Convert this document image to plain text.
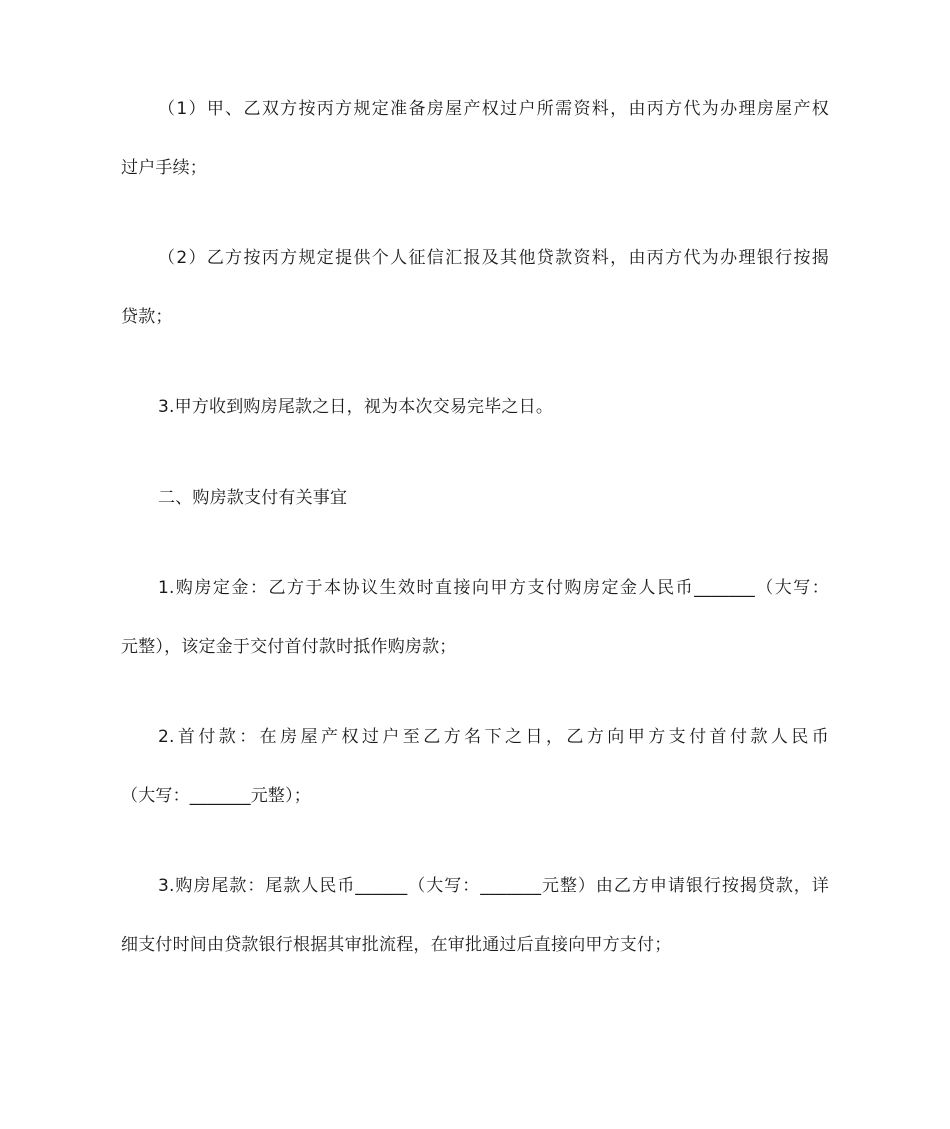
（1）甲、乙双方按丙方规定准备房屋产权过户所需资料，由丙方代为办理房屋产权
过户手续；
（2）乙方按丙方规定提供个人征信汇报及其他贷款资料，由丙方代为办理银行按揭
贷款；
3.甲方收到购房尾款之日，视为本次交易完毕之日。
二、购房款支付有关事宜
1.购房定金：乙方于本协议生效时直接向甲方支付购房定金人民币_______（大写：
元整），该定金于交付首付款时抵作购房款；
2.首付款：在房屋产权过户至乙方名下之日，乙方向甲方支付首付款人民币
（大写：_______元整）；
3.购房尾款：尾款人民币______（大写：_______元整）由乙方申请银行按揭贷款，详
细支付时间由贷款银行根据其审批流程，在审批通过后直接向甲方支付；
